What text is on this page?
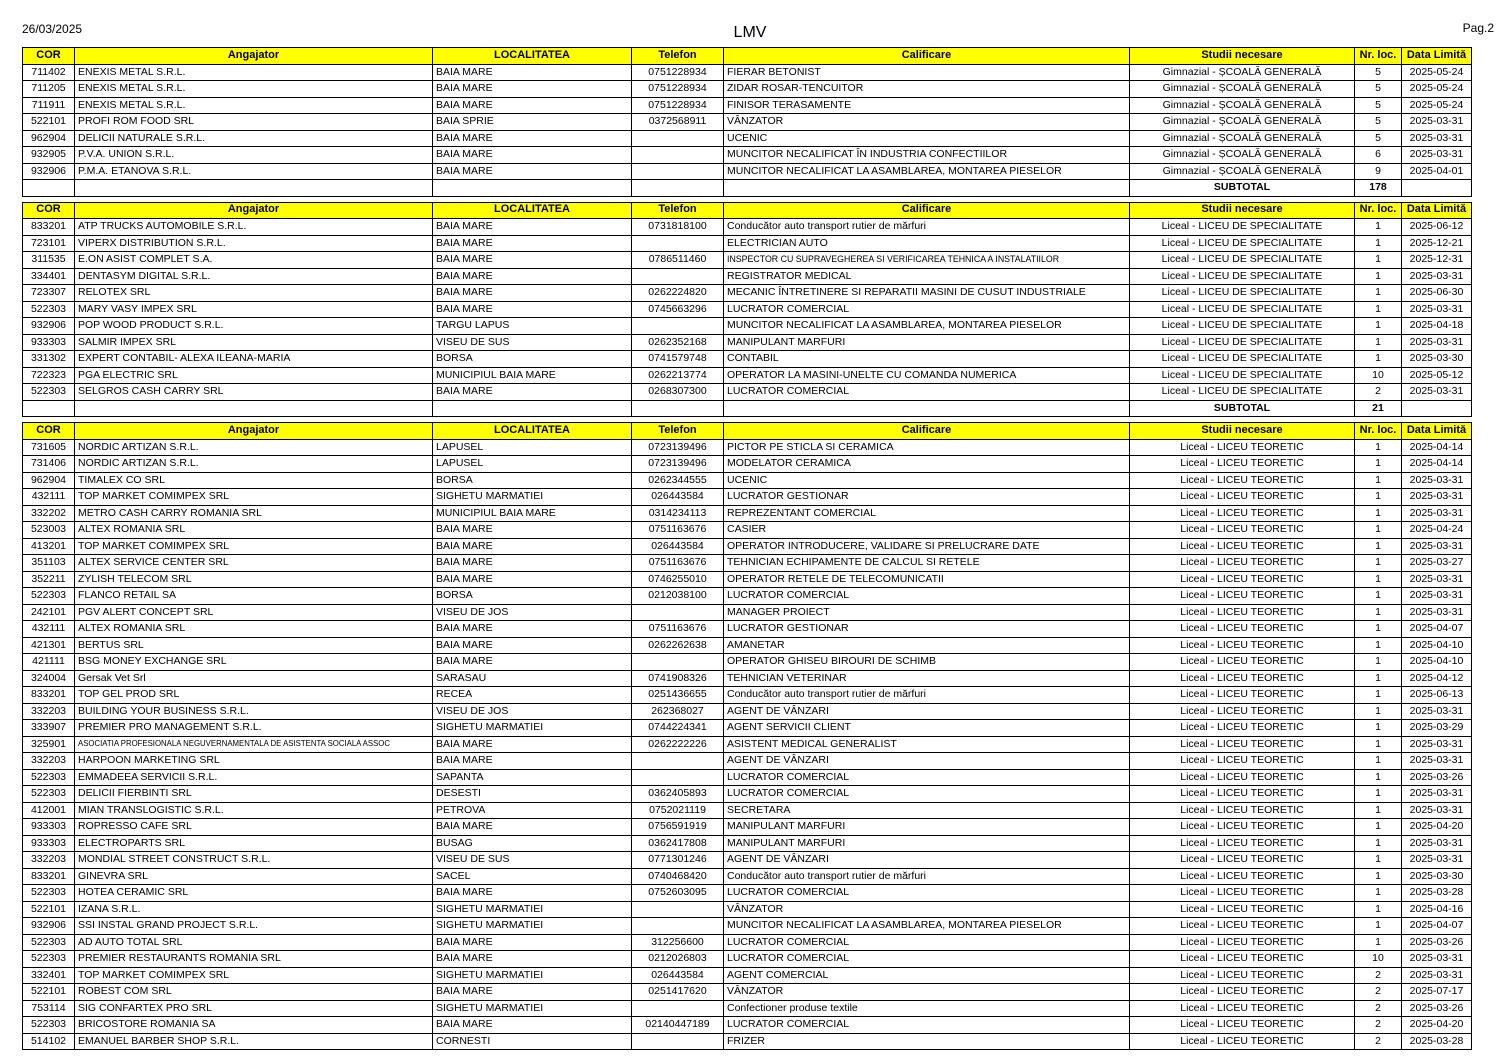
26/03/2025	LMV	Pag.2
COR	Angajator	LOCALITATEA	Telefon	Calificare	Studii necesare	Nr. loc.	Data Limită
711402	ENEXIS METAL S.R.L.	BAIA MARE	0751228934	FIERAR BETONIST	Gimnazial - ȘCOALĂ GENERALĂ	5	2025-05-24
711205	ENEXIS METAL S.R.L.	BAIA MARE	0751228934	ZIDAR ROSAR-TENCUITOR	Gimnazial - ȘCOALĂ GENERALĂ	5	2025-05-24
711911	ENEXIS METAL S.R.L.	BAIA MARE	0751228934	FINISOR TERASAMENTE	Gimnazial - ȘCOALĂ GENERALĂ	5	2025-05-24
522101	PROFI ROM FOOD SRL	BAIA SPRIE	0372568911	VÂNZATOR	Gimnazial - ȘCOALĂ GENERALĂ	5	2025-03-31
962904	DELICII NATURALE S.R.L.	BAIA MARE		UCENIC	Gimnazial - ȘCOALĂ GENERALĂ	5	2025-03-31
932905	P.V.A. UNION S.R.L.	BAIA MARE		MUNCITOR NECALIFICAT ÎN INDUSTRIA CONFECTIILOR	Gimnazial - ȘCOALĂ GENERALĂ	6	2025-03-31
932906	P.M.A. ETANOVA S.R.L.	BAIA MARE		MUNCITOR NECALIFICAT LA ASAMBLAREA, MONTAREA PIESELOR	Gimnazial - ȘCOALĂ GENERALĂ	9	2025-04-01
					SUBTOTAL	178	
COR	Angajator	LOCALITATEA	Telefon	Calificare	Studii necesare	Nr. loc.	Data Limită
833201	ATP TRUCKS AUTOMOBILE S.R.L.	BAIA MARE	0731818100	Conducător auto transport rutier de mărfuri	Liceal - LICEU DE SPECIALITATE	1	2025-06-12
723101	VIPERX DISTRIBUTION S.R.L.	BAIA MARE		ELECTRICIAN AUTO	Liceal - LICEU DE SPECIALITATE	1	2025-12-21
311535	E.ON ASIST COMPLET S.A.	BAIA MARE	0786511460	INSPECTOR CU SUPRAVEGHEREA SI VERIFICAREA TEHNICA A INSTALATIILOR	Liceal - LICEU DE SPECIALITATE	1	2025-12-31
334401	DENTASYM DIGITAL S.R.L.	BAIA MARE		REGISTRATOR MEDICAL	Liceal - LICEU DE SPECIALITATE	1	2025-03-31
723307	RELOTEX SRL	BAIA MARE	0262224820	MECANIC ÎNTRETINERE SI REPARATII MASINI DE CUSUT INDUSTRIALE	Liceal - LICEU DE SPECIALITATE	1	2025-06-30
522303	MARY VASY IMPEX SRL	BAIA MARE	0745663296	LUCRATOR COMERCIAL	Liceal - LICEU DE SPECIALITATE	1	2025-03-31
932906	POP WOOD PRODUCT S.R.L.	TARGU LAPUS		MUNCITOR NECALIFICAT LA ASAMBLAREA, MONTAREA PIESELOR	Liceal - LICEU DE SPECIALITATE	1	2025-04-18
933303	SALMIR IMPEX SRL	VISEU DE SUS	0262352168	MANIPULANT MARFURI	Liceal - LICEU DE SPECIALITATE	1	2025-03-31
331302	EXPERT CONTABIL- ALEXA ILEANA-MARIA	BORSA	0741579748	CONTABIL	Liceal - LICEU DE SPECIALITATE	1	2025-03-30
722323	PGA ELECTRIC SRL	MUNICIPIUL BAIA MARE	0262213774	OPERATOR LA MASINI-UNELTE CU COMANDA NUMERICA	Liceal - LICEU DE SPECIALITATE	10	2025-05-12
522303	SELGROS CASH CARRY SRL	BAIA MARE	0268307300	LUCRATOR COMERCIAL	Liceal - LICEU DE SPECIALITATE	2	2025-03-31
					SUBTOTAL	21	
COR	Angajator	LOCALITATEA	Telefon	Calificare	Studii necesare	Nr. loc.	Data Limită
731605	NORDIC ARTIZAN S.R.L.	LAPUSEL	0723139496	PICTOR PE STICLA SI CERAMICA	Liceal - LICEU TEORETIC	1	2025-04-14
731406	NORDIC ARTIZAN S.R.L.	LAPUSEL	0723139496	MODELATOR CERAMICA	Liceal - LICEU TEORETIC	1	2025-04-14
962904	TIMALEX CO SRL	BORSA	0262344555	UCENIC	Liceal - LICEU TEORETIC	1	2025-03-31
432111	TOP MARKET COMIMPEX SRL	SIGHETU MARMATIEI	026443584	LUCRATOR GESTIONAR	Liceal - LICEU TEORETIC	1	2025-03-31
332202	METRO CASH CARRY ROMANIA SRL	MUNICIPIUL BAIA MARE	0314234113	REPREZENTANT COMERCIAL	Liceal - LICEU TEORETIC	1	2025-03-31
523003	ALTEX ROMANIA SRL	BAIA MARE	0751163676	CASIER	Liceal - LICEU TEORETIC	1	2025-04-24
413201	TOP MARKET COMIMPEX SRL	BAIA MARE	026443584	OPERATOR INTRODUCERE, VALIDARE SI PRELUCRARE DATE	Liceal - LICEU TEORETIC	1	2025-03-31
351103	ALTEX SERVICE CENTER SRL	BAIA MARE	0751163676	TEHNICIAN ECHIPAMENTE DE CALCUL SI RETELE	Liceal - LICEU TEORETIC	1	2025-03-27
352211	ZYLISH TELECOM SRL	BAIA MARE	0746255010	OPERATOR RETELE DE TELECOMUNICATII	Liceal - LICEU TEORETIC	1	2025-03-31
522303	FLANCO RETAIL SA	BORSA	0212038100	LUCRATOR COMERCIAL	Liceal - LICEU TEORETIC	1	2025-03-31
242101	PGV ALERT CONCEPT SRL	VISEU DE JOS		MANAGER PROIECT	Liceal - LICEU TEORETIC	1	2025-03-31
432111	ALTEX ROMANIA SRL	BAIA MARE	0751163676	LUCRATOR GESTIONAR	Liceal - LICEU TEORETIC	1	2025-04-07
421301	BERTUS SRL	BAIA MARE	0262262638	AMANETAR	Liceal - LICEU TEORETIC	1	2025-04-10
421111	BSG MONEY EXCHANGE SRL	BAIA MARE		OPERATOR GHISEU BIROURI DE SCHIMB	Liceal - LICEU TEORETIC	1	2025-04-10
324004	Gersak Vet Srl	SARASAU	0741908326	TEHNICIAN VETERINAR	Liceal - LICEU TEORETIC	1	2025-04-12
833201	TOP GEL PROD SRL	RECEA	0251436655	Conducător auto transport rutier de mărfuri	Liceal - LICEU TEORETIC	1	2025-06-13
332203	BUILDING YOUR BUSINESS S.R.L.	VISEU DE JOS	262368027	AGENT DE VÂNZARI	Liceal - LICEU TEORETIC	1	2025-03-31
333907	PREMIER PRO MANAGEMENT S.R.L.	SIGHETU MARMATIEI	0744224341	AGENT SERVICII CLIENT	Liceal - LICEU TEORETIC	1	2025-03-29
325901	ASOCIATIA PROFESIONALA NEGUVERNAMENTALA DE ASISTENTA SOCIALA ASSOC	BAIA MARE	0262222226	ASISTENT MEDICAL GENERALIST	Liceal - LICEU TEORETIC	1	2025-03-31
332203	HARPOON MARKETING SRL	BAIA MARE		AGENT DE VÂNZARI	Liceal - LICEU TEORETIC	1	2025-03-31
522303	EMMADEEA SERVICII S.R.L.	SAPANTA		LUCRATOR COMERCIAL	Liceal - LICEU TEORETIC	1	2025-03-26
522303	DELICII FIERBINTI SRL	DESESTI	0362405893	LUCRATOR COMERCIAL	Liceal - LICEU TEORETIC	1	2025-03-31
412001	MIAN TRANSLOGISTIC S.R.L.	PETROVA	0752021119	SECRETARA	Liceal - LICEU TEORETIC	1	2025-03-31
933303	ROPRESSO CAFE SRL	BAIA MARE	0756591919	MANIPULANT MARFURI	Liceal - LICEU TEORETIC	1	2025-04-20
933303	ELECTROPARTS SRL	BUSAG	0362417808	MANIPULANT MARFURI	Liceal - LICEU TEORETIC	1	2025-03-31
332203	MONDIAL STREET CONSTRUCT S.R.L.	VISEU DE SUS	0771301246	AGENT DE VÂNZARI	Liceal - LICEU TEORETIC	1	2025-03-31
833201	GINEVRA SRL	SACEL	0740468420	Conducător auto transport rutier de mărfuri	Liceal - LICEU TEORETIC	1	2025-03-30
522303	HOTEA CERAMIC SRL	BAIA MARE	0752603095	LUCRATOR COMERCIAL	Liceal - LICEU TEORETIC	1	2025-03-28
522101	IZANA S.R.L.	SIGHETU MARMATIEI		VÂNZATOR	Liceal - LICEU TEORETIC	1	2025-04-16
932906	SSI INSTAL GRAND PROJECT S.R.L.	SIGHETU MARMATIEI		MUNCITOR NECALIFICAT LA ASAMBLAREA, MONTAREA PIESELOR	Liceal - LICEU TEORETIC	1	2025-04-07
522303	AD AUTO TOTAL SRL	BAIA MARE	312256600	LUCRATOR COMERCIAL	Liceal - LICEU TEORETIC	1	2025-03-26
522303	PREMIER RESTAURANTS ROMANIA SRL	BAIA MARE	0212026803	LUCRATOR COMERCIAL	Liceal - LICEU TEORETIC	10	2025-03-31
332401	TOP MARKET COMIMPEX SRL	SIGHETU MARMATIEI	026443584	AGENT COMERCIAL	Liceal - LICEU TEORETIC	2	2025-03-31
522101	ROBEST COM SRL	BAIA MARE	0251417620	VÂNZATOR	Liceal - LICEU TEORETIC	2	2025-07-17
753114	SIG CONFARTEX PRO SRL	SIGHETU MARMATIEI		Confectioner produse textile	Liceal - LICEU TEORETIC	2	2025-03-26
522303	BRICOSTORE ROMANIA SA	BAIA MARE	02140447189	LUCRATOR COMERCIAL	Liceal - LICEU TEORETIC	2	2025-04-20
514102	EMANUEL BARBER SHOP S.R.L.	CORNESTI		FRIZER	Liceal - LICEU TEORETIC	2	2025-03-28
